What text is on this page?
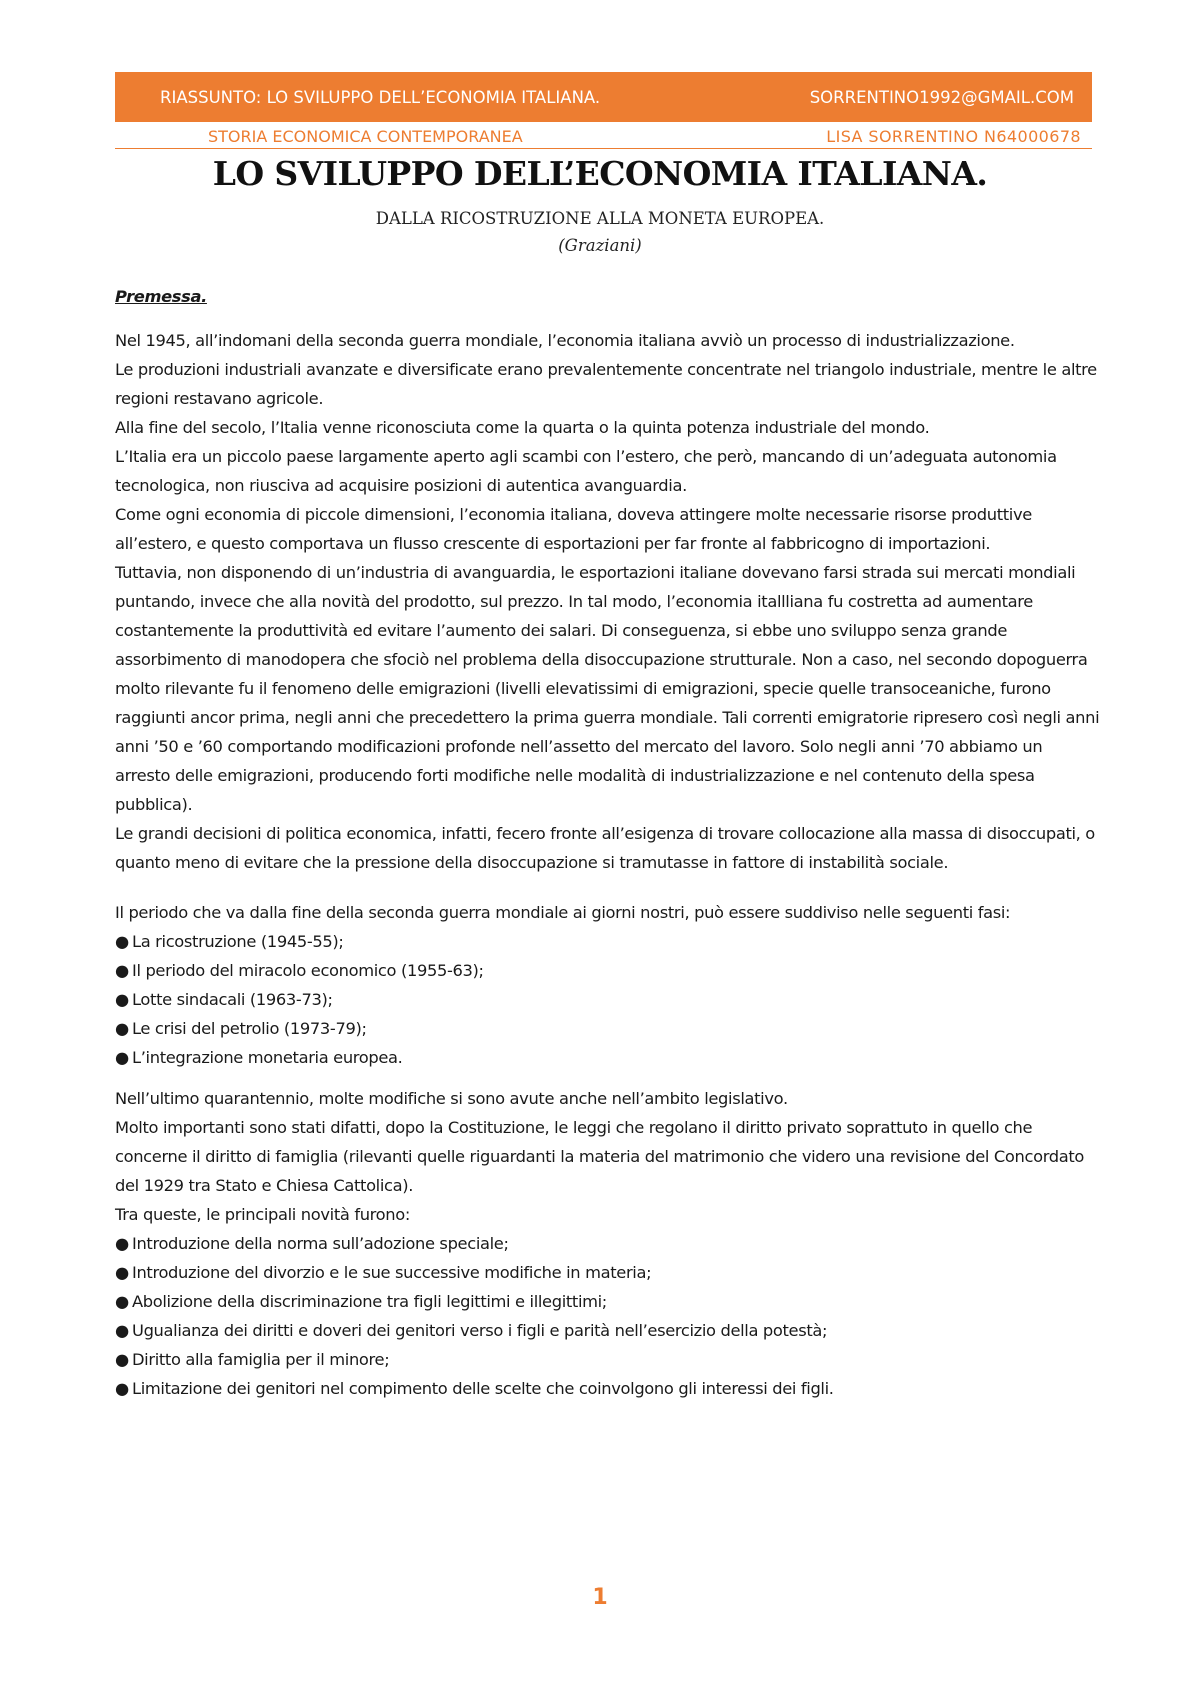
RIASSUNTO: LO SVILUPPO DELL’ECONOMIA ITALIANA.	SORRENTINO1992@GMAIL.COM
STORIA ECONOMICA CONTEMPORANEA	LISA SORRENTINO N64000678
LO SVILUPPO DELL’ECONOMIA ITALIANA.
DALLA RICOSTRUZIONE ALLA MONETA EUROPEA.
(Graziani)

Premessa.

Nel 1945, all’indomani della seconda guerra mondiale, l’economia italiana avviò un processo di industrializzazione.

Le produzioni industriali avanzate e diversificate erano prevalentemente concentrate nel triangolo industriale, mentre le altre regioni restavano agricole.

Alla fine del secolo, l’Italia venne riconosciuta come la quarta o la quinta potenza industriale del mondo.

L’Italia era un piccolo paese largamente aperto agli scambi con l’estero, che però, mancando di un’adeguata autonomia tecnologica, non riusciva ad acquisire posizioni di autentica avanguardia.

Come ogni economia di piccole dimensioni, l’economia italiana, doveva attingere molte necessarie risorse produttive all’estero, e questo comportava un flusso crescente di esportazioni per far fronte al fabbricogno di importazioni.

Tuttavia, non disponendo di un’industria di avanguardia, le esportazioni italiane dovevano farsi strada sui mercati mondiali puntando, invece che alla novità del prodotto, sul prezzo. In tal modo, l’economia itallliana fu costretta ad aumentare costantemente la produttività ed evitare l’aumento dei salari. Di conseguenza, si ebbe uno sviluppo senza grande assorbimento di manodopera che sfociò nel problema della disoccupazione strutturale. Non a caso, nel secondo dopoguerra molto rilevante fu il fenomeno delle emigrazioni (livelli elevatissimi di emigrazioni, specie quelle transoceaniche, furono raggiunti ancor prima, negli anni che precedettero la prima guerra mondiale. Tali correnti emigratorie ripresero così negli anni anni ’50 e ’60 comportando modificazioni profonde nell’assetto del mercato del lavoro. Solo negli anni ’70 abbiamo un arresto delle emigrazioni, producendo forti modifiche nelle modalità di industrializzazione e nel contenuto della spesa pubblica).

Le grandi decisioni di politica economica, infatti, fecero fronte all’esigenza di trovare collocazione alla massa di disoccupati, o quanto meno di evitare che la pressione della disoccupazione si tramutasse in fattore di instabilità sociale.

Il periodo che va dalla fine della seconda guerra mondiale ai giorni nostri, può essere suddiviso nelle seguenti fasi:

● La ricostruzione (1945-55);
● Il periodo del miracolo economico (1955-63);
● Lotte sindacali (1963-73);
● Le crisi del petrolio (1973-79);
● L’integrazione monetaria europea.

Nell’ultimo quarantennio, molte modifiche si sono avute anche nell’ambito legislativo.

Molto importanti sono stati difatti, dopo la Costituzione, le leggi che regolano il diritto privato soprattuto in quello che concerne il diritto di famiglia (rilevanti quelle riguardanti la materia del matrimonio che videro una revisione del Concordato del 1929 tra Stato e Chiesa Cattolica).

Tra queste, le principali novità furono:

● Introduzione della norma sull’adozione speciale;
● Introduzione del divorzio e le sue successive modifiche in materia;
● Abolizione della discriminazione tra figli legittimi e illegittimi;
● Ugualianza dei diritti e doveri dei genitori verso i figli e parità nell’esercizio della potestà;
● Diritto alla famiglia per il minore;
● Limitazione dei genitori nel compimento delle scelte che coinvolgono gli interessi dei figli.
1
